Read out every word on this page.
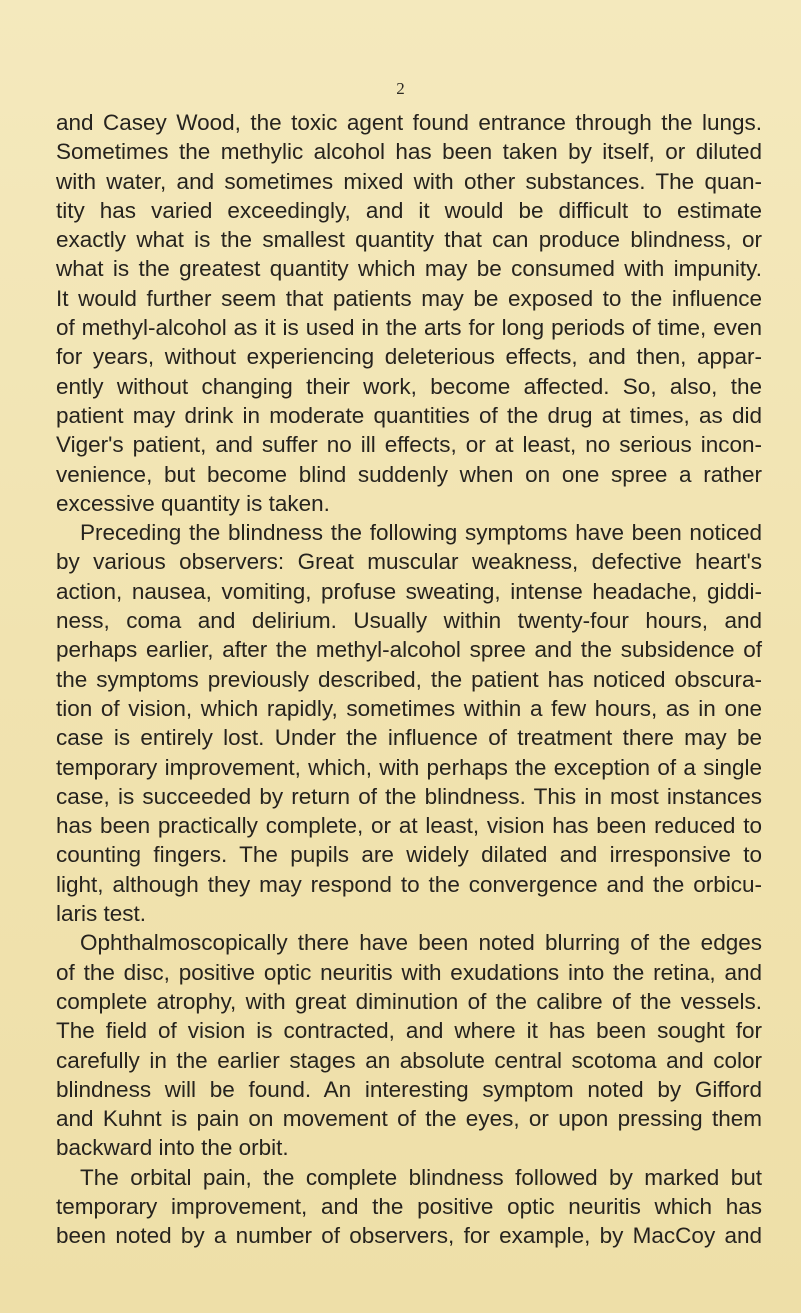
2
and Casey Wood, the toxic agent found entrance through the lungs.
Sometimes the methylic alcohol has been taken by itself, or diluted
with water, and sometimes mixed with other substances. The quan-
tity has varied exceedingly, and it would be difficult to estimate
exactly what is the smallest quantity that can produce blindness, or
what is the greatest quantity which may be consumed with impunity.
It would further seem that patients may be exposed to the influence
of methyl-alcohol as it is used in the arts for long periods of time, even
for years, without experiencing deleterious effects, and then, appar-
ently without changing their work, become affected. So, also, the
patient may drink in moderate quantities of the drug at times, as did
Viger's patient, and suffer no ill effects, or at least, no serious incon-
venience, but become blind suddenly when on one spree a rather
excessive quantity is taken.
Preceding the blindness the following symptoms have been noticed
by various observers: Great muscular weakness, defective heart's
action, nausea, vomiting, profuse sweating, intense headache, giddi-
ness, coma and delirium. Usually within twenty-four hours, and
perhaps earlier, after the methyl-alcohol spree and the subsidence of
the symptoms previously described, the patient has noticed obscura-
tion of vision, which rapidly, sometimes within a few hours, as in one
case is entirely lost. Under the influence of treatment there may be
temporary improvement, which, with perhaps the exception of a single
case, is succeeded by return of the blindness. This in most instances
has been practically complete, or at least, vision has been reduced to
counting fingers. The pupils are widely dilated and irresponsive to
light, although they may respond to the convergence and the orbicu-
laris test.
Ophthalmoscopically there have been noted blurring of the edges
of the disc, positive optic neuritis with exudations into the retina, and
complete atrophy, with great diminution of the calibre of the vessels.
The field of vision is contracted, and where it has been sought for
carefully in the earlier stages an absolute central scotoma and color
blindness will be found. An interesting symptom noted by Gifford
and Kuhnt is pain on movement of the eyes, or upon pressing them
backward into the orbit.
The orbital pain, the complete blindness followed by marked but
temporary improvement, and the positive optic neuritis which has
been noted by a number of observers, for example, by MacCoy and
